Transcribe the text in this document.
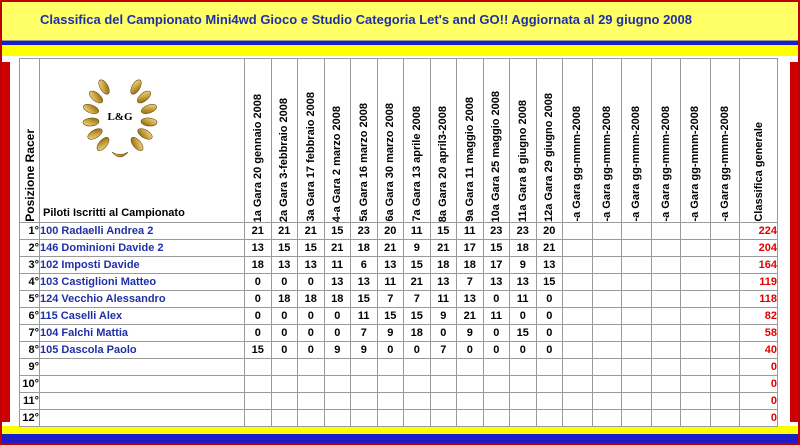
Classifica del Campionato Mini4wd Gioco e Studio Categoria Let's and GO!! Aggiornata al 29 giugno 2008
Posizione Racer	L&G
Piloti Iscritti al Campionato	1a Gara 20 gennaio 2008	2a Gara 3-febbraio 2008	3a Gara 17 febbraio 2008	4-a Gara 2 marzo 2008	5a Gara 16 marzo 2008	6a Gara 30 marzo 2008	7a Gara 13 aprile 2008	8a Gara 20 april3-2008	9a Gara 11 maggio 2008	10a Gara 25 maggio 2008	11a Gara 8 giugno 2008	12a Gara 29 giugno 2008	-a Gara gg-mmm-2008	-a Gara gg-mmm-2008	-a Gara gg-mmm-2008	-a Gara gg-mmm-2008	-a Gara gg-mmm-2008	-a Gara gg-mmm-2008	Classifica generale

1°	100 Radaelli Andrea 2	21	21	21	15	23	20	11	15	11	23	23	20							224
2°	146 Dominioni Davide 2	13	15	15	21	18	21	9	21	17	15	18	21							204
3°	102 Imposti Davide	18	13	13	11	6	13	15	18	18	17	9	13							164
4°	103 Castiglioni Matteo	0	0	0	13	13	11	21	13	7	13	13	15							119
5°	124 Vecchio Alessandro	0	18	18	18	15	7	7	11	13	0	11	0							118
6°	115 Caselli Alex	0	0	0	0	11	15	15	9	21	11	0	0							82
7°	104 Falchi Mattia	0	0	0	0	7	9	18	0	9	0	15	0							58
8°	105 Dascola Paolo	15	0	0	9	9	0	0	7	0	0	0	0							40
9°																				0
10°																				0
11°																				0
12°																				0
